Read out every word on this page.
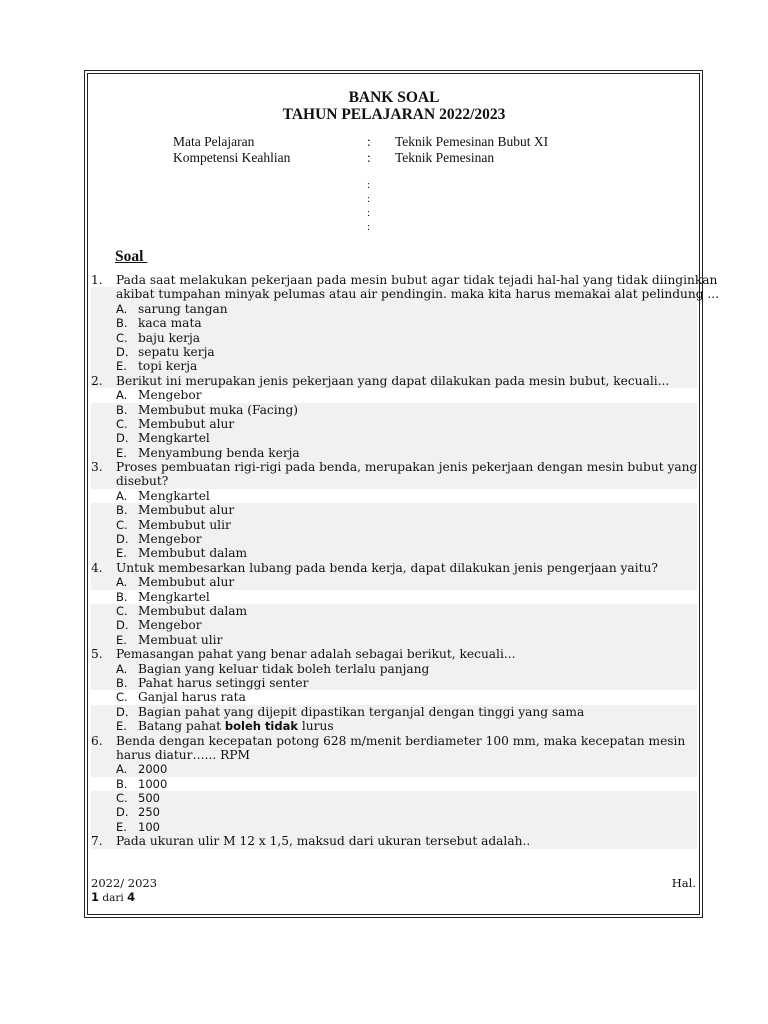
BANK SOAL
TAHUN PELAJARAN 2022/2023
Mata Pelajaran	: Teknik Pemesinan Bubut XI
Kompetensi Keahlian	: Teknik Pemesinan
:
:
:
:
Soal
1. Pada saat melakukan pekerjaan pada mesin bubut agar tidak tejadi hal-hal yang tidak diinginkan
akibat tumpahan minyak pelumas atau air pendingin. maka kita harus memakai alat pelindung ...
A. sarung tangan
B. kaca mata
C. baju kerja
D. sepatu kerja
E. topi kerja
2. Berikut ini merupakan jenis pekerjaan yang dapat dilakukan pada mesin bubut, kecuali...
A. Mengebor
B. Membubut muka (Facing)
C. Membubut alur
D. Mengkartel
E. Menyambung benda kerja
3. Proses pembuatan rigi-rigi pada benda, merupakan jenis pekerjaan dengan mesin bubut yang
disebut?
A. Mengkartel
B. Membubut alur
C. Membubut ulir
D. Mengebor
E. Membubut dalam
4. Untuk membesarkan lubang pada benda kerja, dapat dilakukan jenis pengerjaan yaitu?
A. Membubut alur
B. Mengkartel
C. Membubut dalam
D. Mengebor
E. Membuat ulir
5. Pemasangan pahat yang benar adalah sebagai berikut, kecuali...
A. Bagian yang keluar tidak boleh terlalu panjang
B. Pahat harus setinggi senter
C. Ganjal harus rata
D. Bagian pahat yang dijepit dipastikan terganjal dengan tinggi yang sama
E. Batang pahat boleh tidak lurus
6. Benda dengan kecepatan potong 628 m/menit berdiameter 100 mm, maka kecepatan mesin
harus diatur…... RPM
A. 2000
B. 1000
C. 500
D. 250
E. 100
7. Pada ukuran ulir M 12 x 1,5, maksud dari ukuran tersebut adalah..
2022/ 2023
1 dari 4
Hal.
